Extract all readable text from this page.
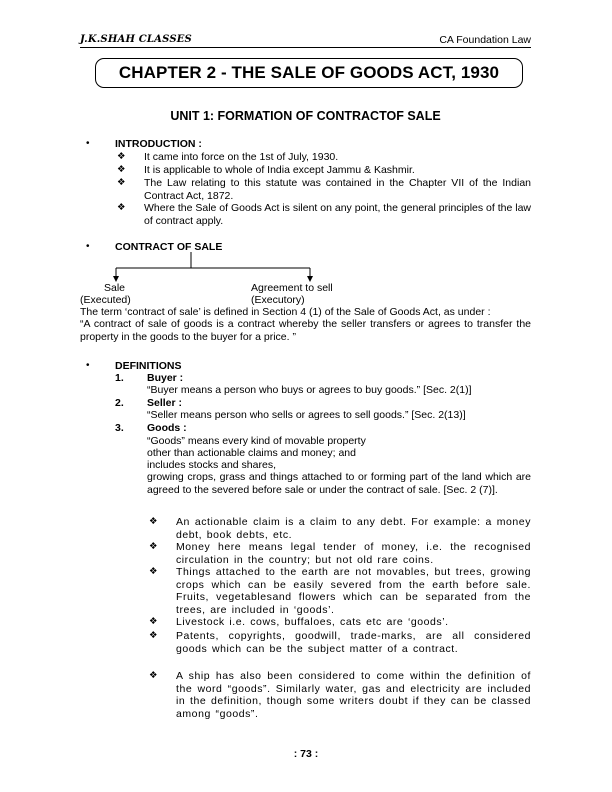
J.K.SHAH CLASSES	CA Foundation Law
CHAPTER 2 - THE SALE OF GOODS ACT, 1930
UNIT 1: FORMATION OF CONTRACTOF SALE
• INTRODUCTION :
❖	It came into force on the 1st of July, 1930.
❖	It is applicable to whole of India except Jammu & Kashmir.
❖	The Law relating to this statute was contained in the Chapter VII of the Indian Contract Act, 1872.
❖	Where the Sale of Goods Act is silent on any point, the general principles of the law of contract apply.
• CONTRACT OF SALE
Sale	Agreement to sell
(Executed)	(Executory)
The term ‘contract of sale’ is defined in Section 4 (1) of the Sale of Goods Act, as under :
“A contract of sale of goods is a contract whereby the seller transfers or agrees to transfer the property in the goods to the buyer for a price. ”
• DEFINITIONS
1. Buyer :
“Buyer means a person who buys or agrees to buy goods.” [Sec. 2(1)]
2. Seller :
“Seller means person who sells or agrees to sell goods.” [Sec. 2(13)]
3. Goods :
“Goods” means every kind of movable property
other than actionable claims and money; and
includes stocks and shares,
growing crops, grass and things attached to or forming part of the land which are agreed to the severed before sale or under the contract of sale. [Sec. 2 (7)].
❖	An actionable claim is a claim to any debt. For example: a money debt, book debts, etc.
❖	Money here means legal tender of money, i.e. the recognised circulation in the country; but not old rare coins.
❖	Things attached to the earth are not movables, but trees, growing crops which can be easily severed from the earth before sale. Fruits, vegetablesand flowers which can be separated from the trees, are included in ‘goods’.
❖	Livestock i.e. cows, buffaloes, cats etc are ‘goods’.
❖	Patents, copyrights, goodwill, trade-marks, are all considered goods which can be the subject matter of a contract.
❖	A ship has also been considered to come within the definition of the word “goods”. Similarly water, gas and electricity are included in the definition, though some writers doubt if they can be classed among “goods”.
: 73 :
